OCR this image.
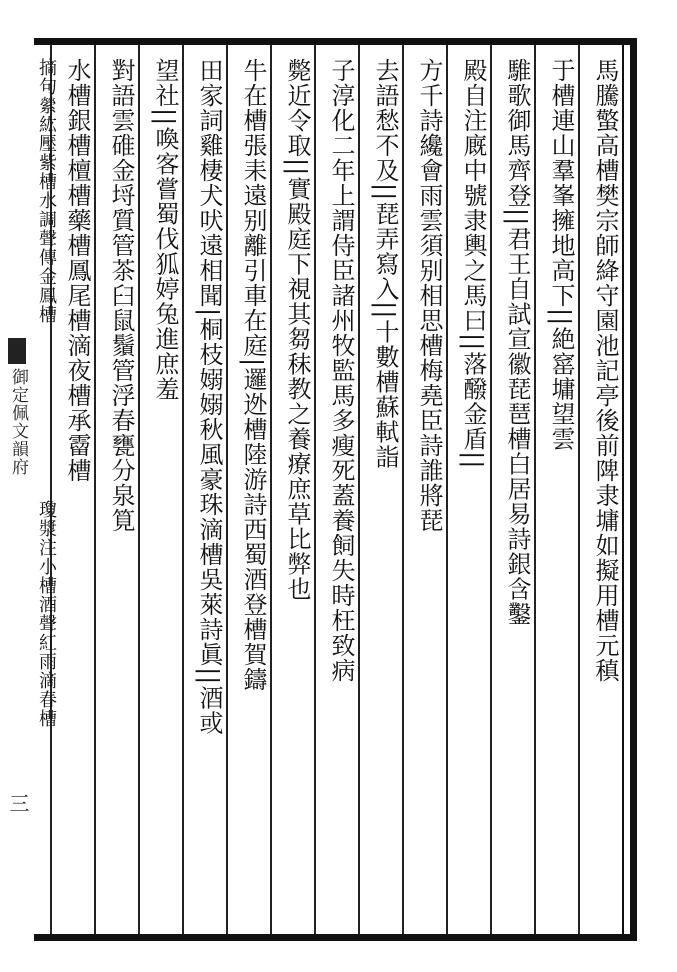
御定佩文韻府
三
馬騰蟼高槽樊宗師絳守園池記亭後前陴隶墉如擬用槽元稹
于槽連山羣峯擁地高下||絶窰墉望雲
騅歌御馬齊登||君王自試宣徽琵琶槽白居易詩銀含鑿
殿自注廐中號隶輿之馬曰||落醱金盾||
方千詩纔會雨雲須别相思槽梅堯臣詩誰將琵
去語愁不及||琵弄寫入||十數槽蘇軾詣
子淳化二年上謂侍臣諸州牧監馬多瘦死蓋養飼失時枉致病
斃近令取||實殿庭下視其芻秣教之養療庶草比弊也
牛在槽張耒遠别離引車在庭|邏迯槽陸游詩西蜀酒登槽賀鑄
田家詞雞棲犬吠遠相聞|桐枝嫋嫋秋風豪珠滴槽吳萊詩眞||酒或
望社||喚客嘗蜀伐狐婷兔進庶羞
對語雲碓金埒質管茶臼鼠鬚管浮春甕分泉筧
水槽銀槽檀槽藥槽鳳尾槽滴夜槽承霤槽
摘句縈紘壓紫槽水調聲傳金鳳槽
瓊漿注小槽酒聲紅雨滴春槽
